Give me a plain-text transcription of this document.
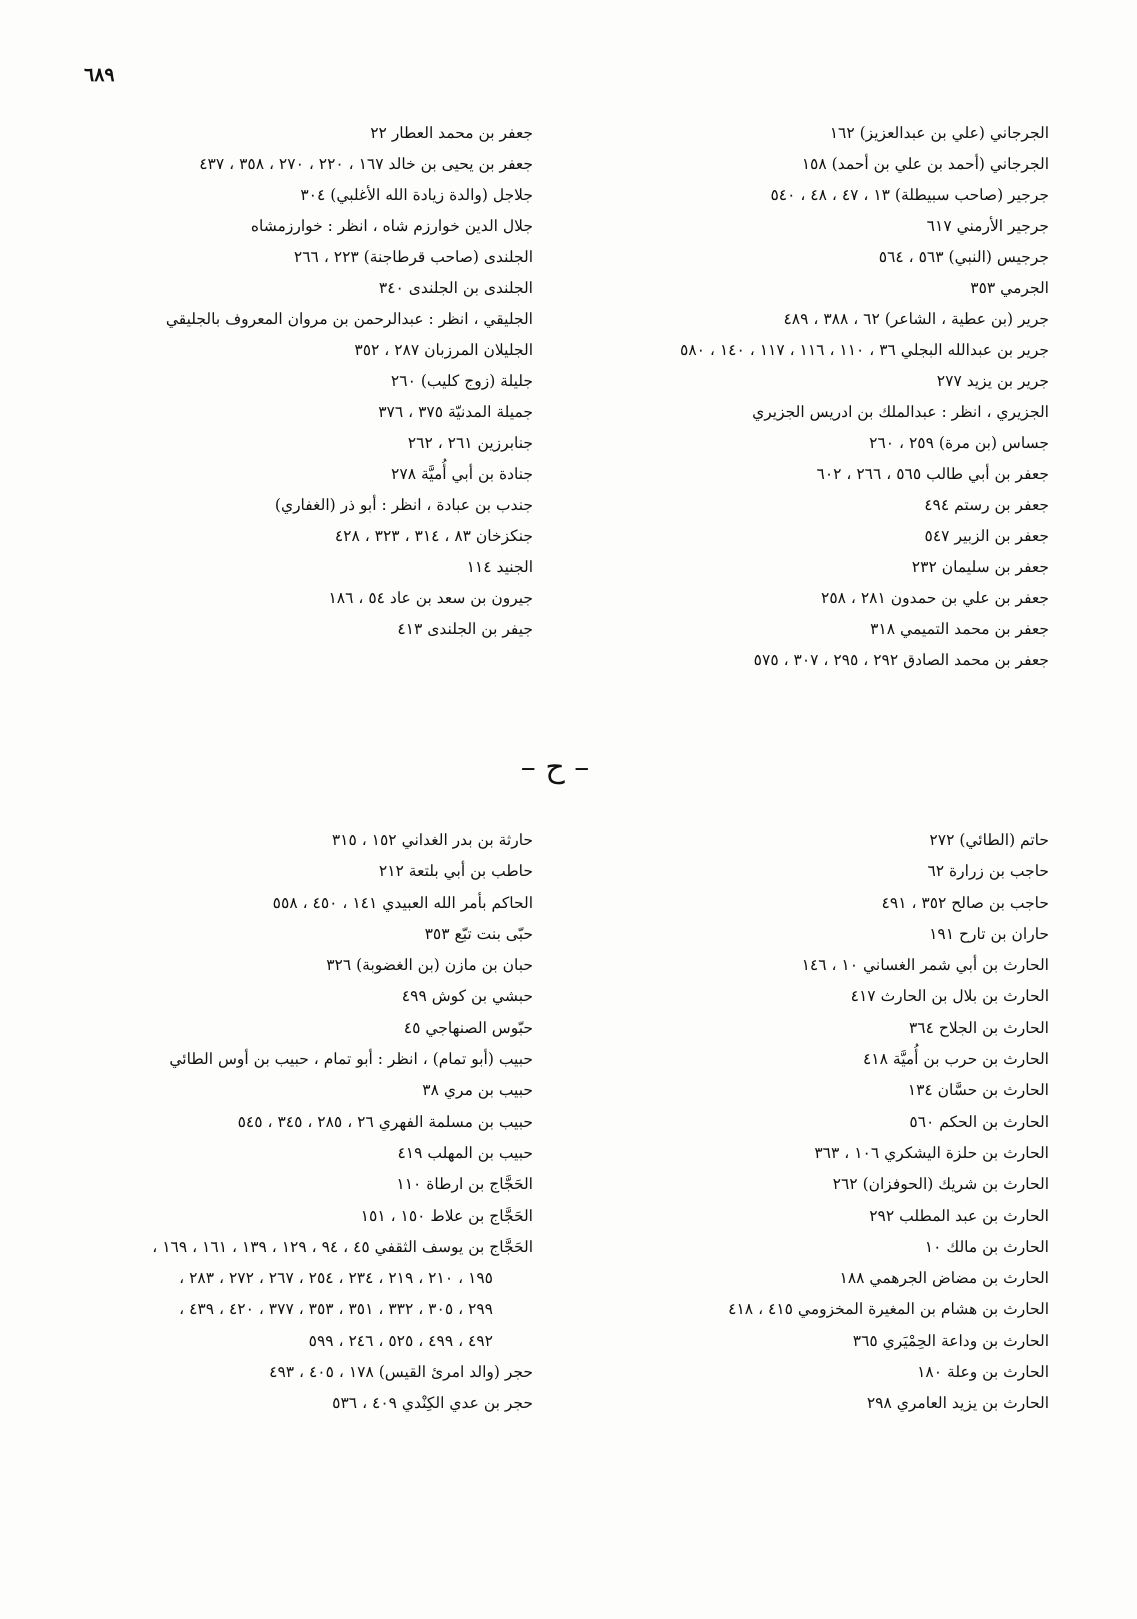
٦٨٩
الجرجاني (علي بن عبدالعزيز) ١٦٢
الجرجاني (أحمد بن علي بن أحمد) ١٥٨
جرجير (صاحب سبيطلة) ١٣ ، ٤٧ ، ٤٨ ، ٥٤٠
جرجير الأرمني ٦١٧
جرجيس (النبي) ٥٦٣ ، ٥٦٤
الجرمي ٣٥٣
جرير (بن عطية ، الشاعر) ٦٢ ، ٣٨٨ ، ٤٨٩
جرير بن عبدالله البجلي ٣٦ ، ١١٠ ، ١١٦ ، ١١٧ ، ١٤٠ ، ٥٨٠
جرير بن يزيد ٢٧٧
الجزيري ، انظر : عبدالملك بن ادريس الجزيري
جساس (بن مرة) ٢٥٩ ، ٢٦٠
جعفر بن أبي طالب ٥٦٥ ، ٢٦٦ ، ٦٠٢
جعفر بن رستم ٤٩٤
جعفر بن الزبير ٥٤٧
جعفر بن سليمان ٢٣٢
جعفر بن علي بن حمدون ٢٨١ ، ٢٥٨
جعفر بن محمد التميمي ٣١٨
جعفر بن محمد الصادق ٢٩٢ ، ٢٩٥ ، ٣٠٧ ، ٥٧٥
جعفر بن محمد العطار ٢٢
جعفر بن يحيى بن خالد ١٦٧ ، ٢٢٠ ، ٢٧٠ ، ٣٥٨ ، ٤٣٧
جلاجل (والدة زيادة الله الأغلبي) ٣٠٤
جلال الدين خوارزم شاه ، انظر : خوارزمشاه
الجلندى (صاحب قرطاجنة) ٢٢٣ ، ٢٦٦
الجلندى بن الجلندى ٣٤٠
الجليقي ، انظر : عبدالرحمن بن مروان المعروف بالجليقي
الجليلان المرزبان ٢٨٧ ، ٣٥٢
جليلة (زوج كليب) ٢٦٠
جميلة المدنيّة ٣٧٥ ، ٣٧٦
جنابرزين ٢٦١ ، ٢٦٢
جنادة بن أبي أُميَّة ٢٧٨
جندب بن عبادة ، انظر : أبو ذر (الغفاري)
جنكزخان ٨٣ ، ٣١٤ ، ٣٢٣ ، ٤٢٨
الجنيد ١١٤
جيرون بن سعد بن عاد ٥٤ ، ١٨٦
جيفر بن الجلندى ٤١٣
– ح –
حاتم (الطائي) ٢٧٢
حاجب بن زرارة ٦٢
حاجب بن صالح ٣٥٢ ، ٤٩١
حاران بن تارح ١٩١
الحارث بن أبي شمر الغساني ١٠ ، ١٤٦
الحارث بن بلال بن الحارث ٤١٧
الحارث بن الجلاح ٣٦٤
الحارث بن حرب بن أُميَّة ٤١٨
الحارث بن حسَّان ١٣٤
الحارث بن الحكم ٥٦٠
الحارث بن حلزة اليشكري ١٠٦ ، ٣٦٣
الحارث بن شريك (الحوفزان) ٢٦٢
الحارث بن عبد المطلب ٢٩٢
الحارث بن مالك ١٠
الحارث بن مضاض الجرهمي ١٨٨
الحارث بن هشام بن المغيرة المخزومي ٤١٥ ، ٤١٨
الحارث بن وداعة الحِمْيَري ٣٦٥
الحارث بن وعلة ١٨٠
الحارث بن يزيد العامري ٢٩٨
حارثة بن بدر الغداني ١٥٢ ، ٣١٥
حاطب بن أبي بلتعة ٢١٢
الحاكم بأمر الله العبيدي ١٤١ ، ٤٥٠ ، ٥٥٨
حبّى بنت تبّع ٣٥٣
حبان بن مازن (بن الغضوبة) ٣٢٦
حبشي بن كوش ٤٩٩
حبّوس الصنهاجي ٤٥
حبيب (أبو تمام) ، انظر : أبو تمام ، حبيب بن أوس الطائي
حبيب بن مري ٣٨
حبيب بن مسلمة الفهري ٢٦ ، ٢٨٥ ، ٣٤٥ ، ٥٤٥
حبيب بن المهلب ٤١٩
الحَجَّاج بن ارطاة ١١٠
الحَجَّاج بن علاط ١٥٠ ، ١٥١
الحَجَّاج بن يوسف الثقفي ٤٥ ، ٩٤ ، ١٢٩ ، ١٣٩ ، ١٦١ ، ١٦٩ ،
١٩٥ ، ٢١٠ ، ٢١٩ ، ٢٣٤ ، ٢٥٤ ، ٢٦٧ ، ٢٧٢ ، ٢٨٣ ،
٢٩٩ ، ٣٠٥ ، ٣٣٢ ، ٣٥١ ، ٣٥٣ ، ٣٧٧ ، ٤٢٠ ، ٤٣٩ ،
٤٩٢ ، ٤٩٩ ، ٥٢٥ ، ٢٤٦ ، ٥٩٩
حجر (والد امرئ القيس) ١٧٨ ، ٤٠٥ ، ٤٩٣
حجر بن عدي الكِنْدي ٤٠٩ ، ٥٣٦
